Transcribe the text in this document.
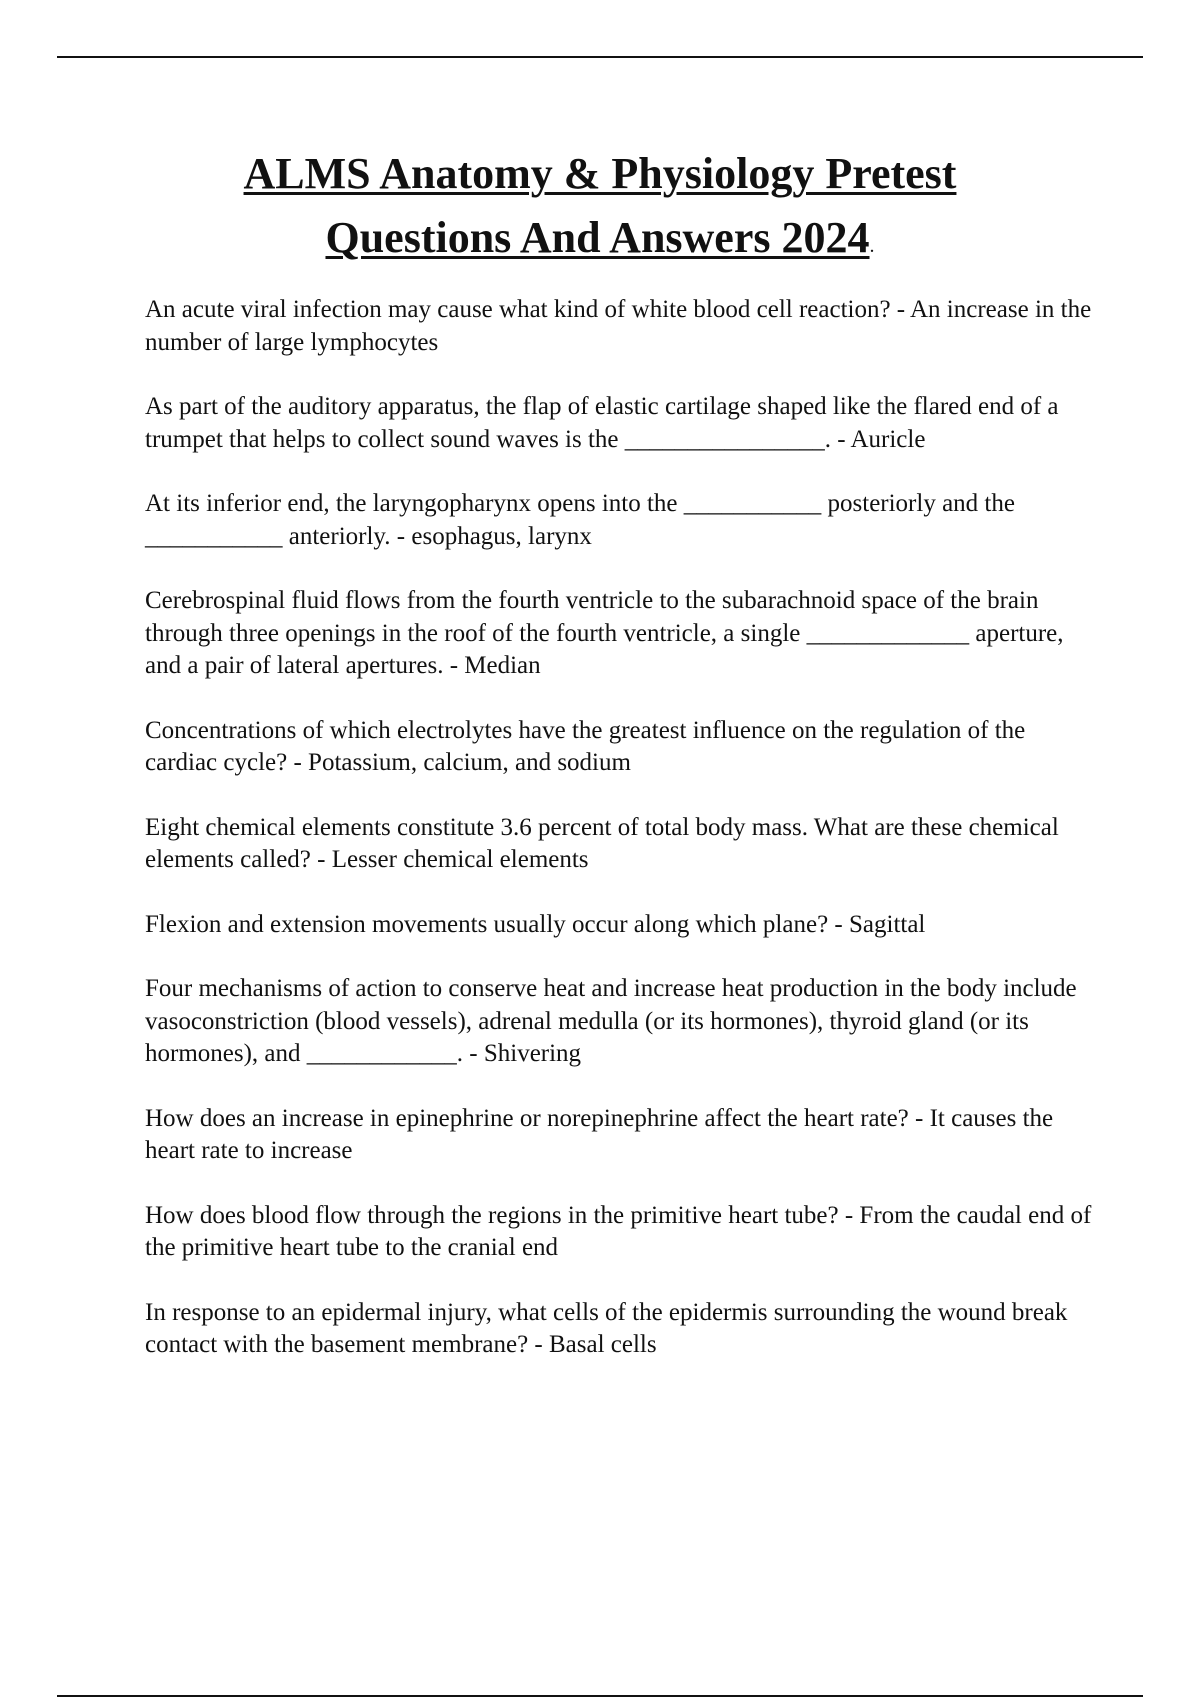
ALMS Anatomy & Physiology Pretest
Questions And Answers 2024.
An acute viral infection may cause what kind of white blood cell reaction? - An increase in the number of large lymphocytes
As part of the auditory apparatus, the flap of elastic cartilage shaped like the flared end of a trumpet that helps to collect sound waves is the ________________. - Auricle
At its inferior end, the laryngopharynx opens into the ___________ posteriorly and the ___________ anteriorly. - esophagus, larynx
Cerebrospinal fluid flows from the fourth ventricle to the subarachnoid space of the brain through three openings in the roof of the fourth ventricle, a single _____________ aperture, and a pair of lateral apertures. - Median
Concentrations of which electrolytes have the greatest influence on the regulation of the cardiac cycle? - Potassium, calcium, and sodium
Eight chemical elements constitute 3.6 percent of total body mass. What are these chemical elements called? - Lesser chemical elements
Flexion and extension movements usually occur along which plane? - Sagittal
Four mechanisms of action to conserve heat and increase heat production in the body include vasoconstriction (blood vessels), adrenal medulla (or its hormones), thyroid gland (or its hormones), and ____________. - Shivering
How does an increase in epinephrine or norepinephrine affect the heart rate? - It causes the heart rate to increase
How does blood flow through the regions in the primitive heart tube? - From the caudal end of the primitive heart tube to the cranial end
In response to an epidermal injury, what cells of the epidermis surrounding the wound break contact with the basement membrane? - Basal cells
